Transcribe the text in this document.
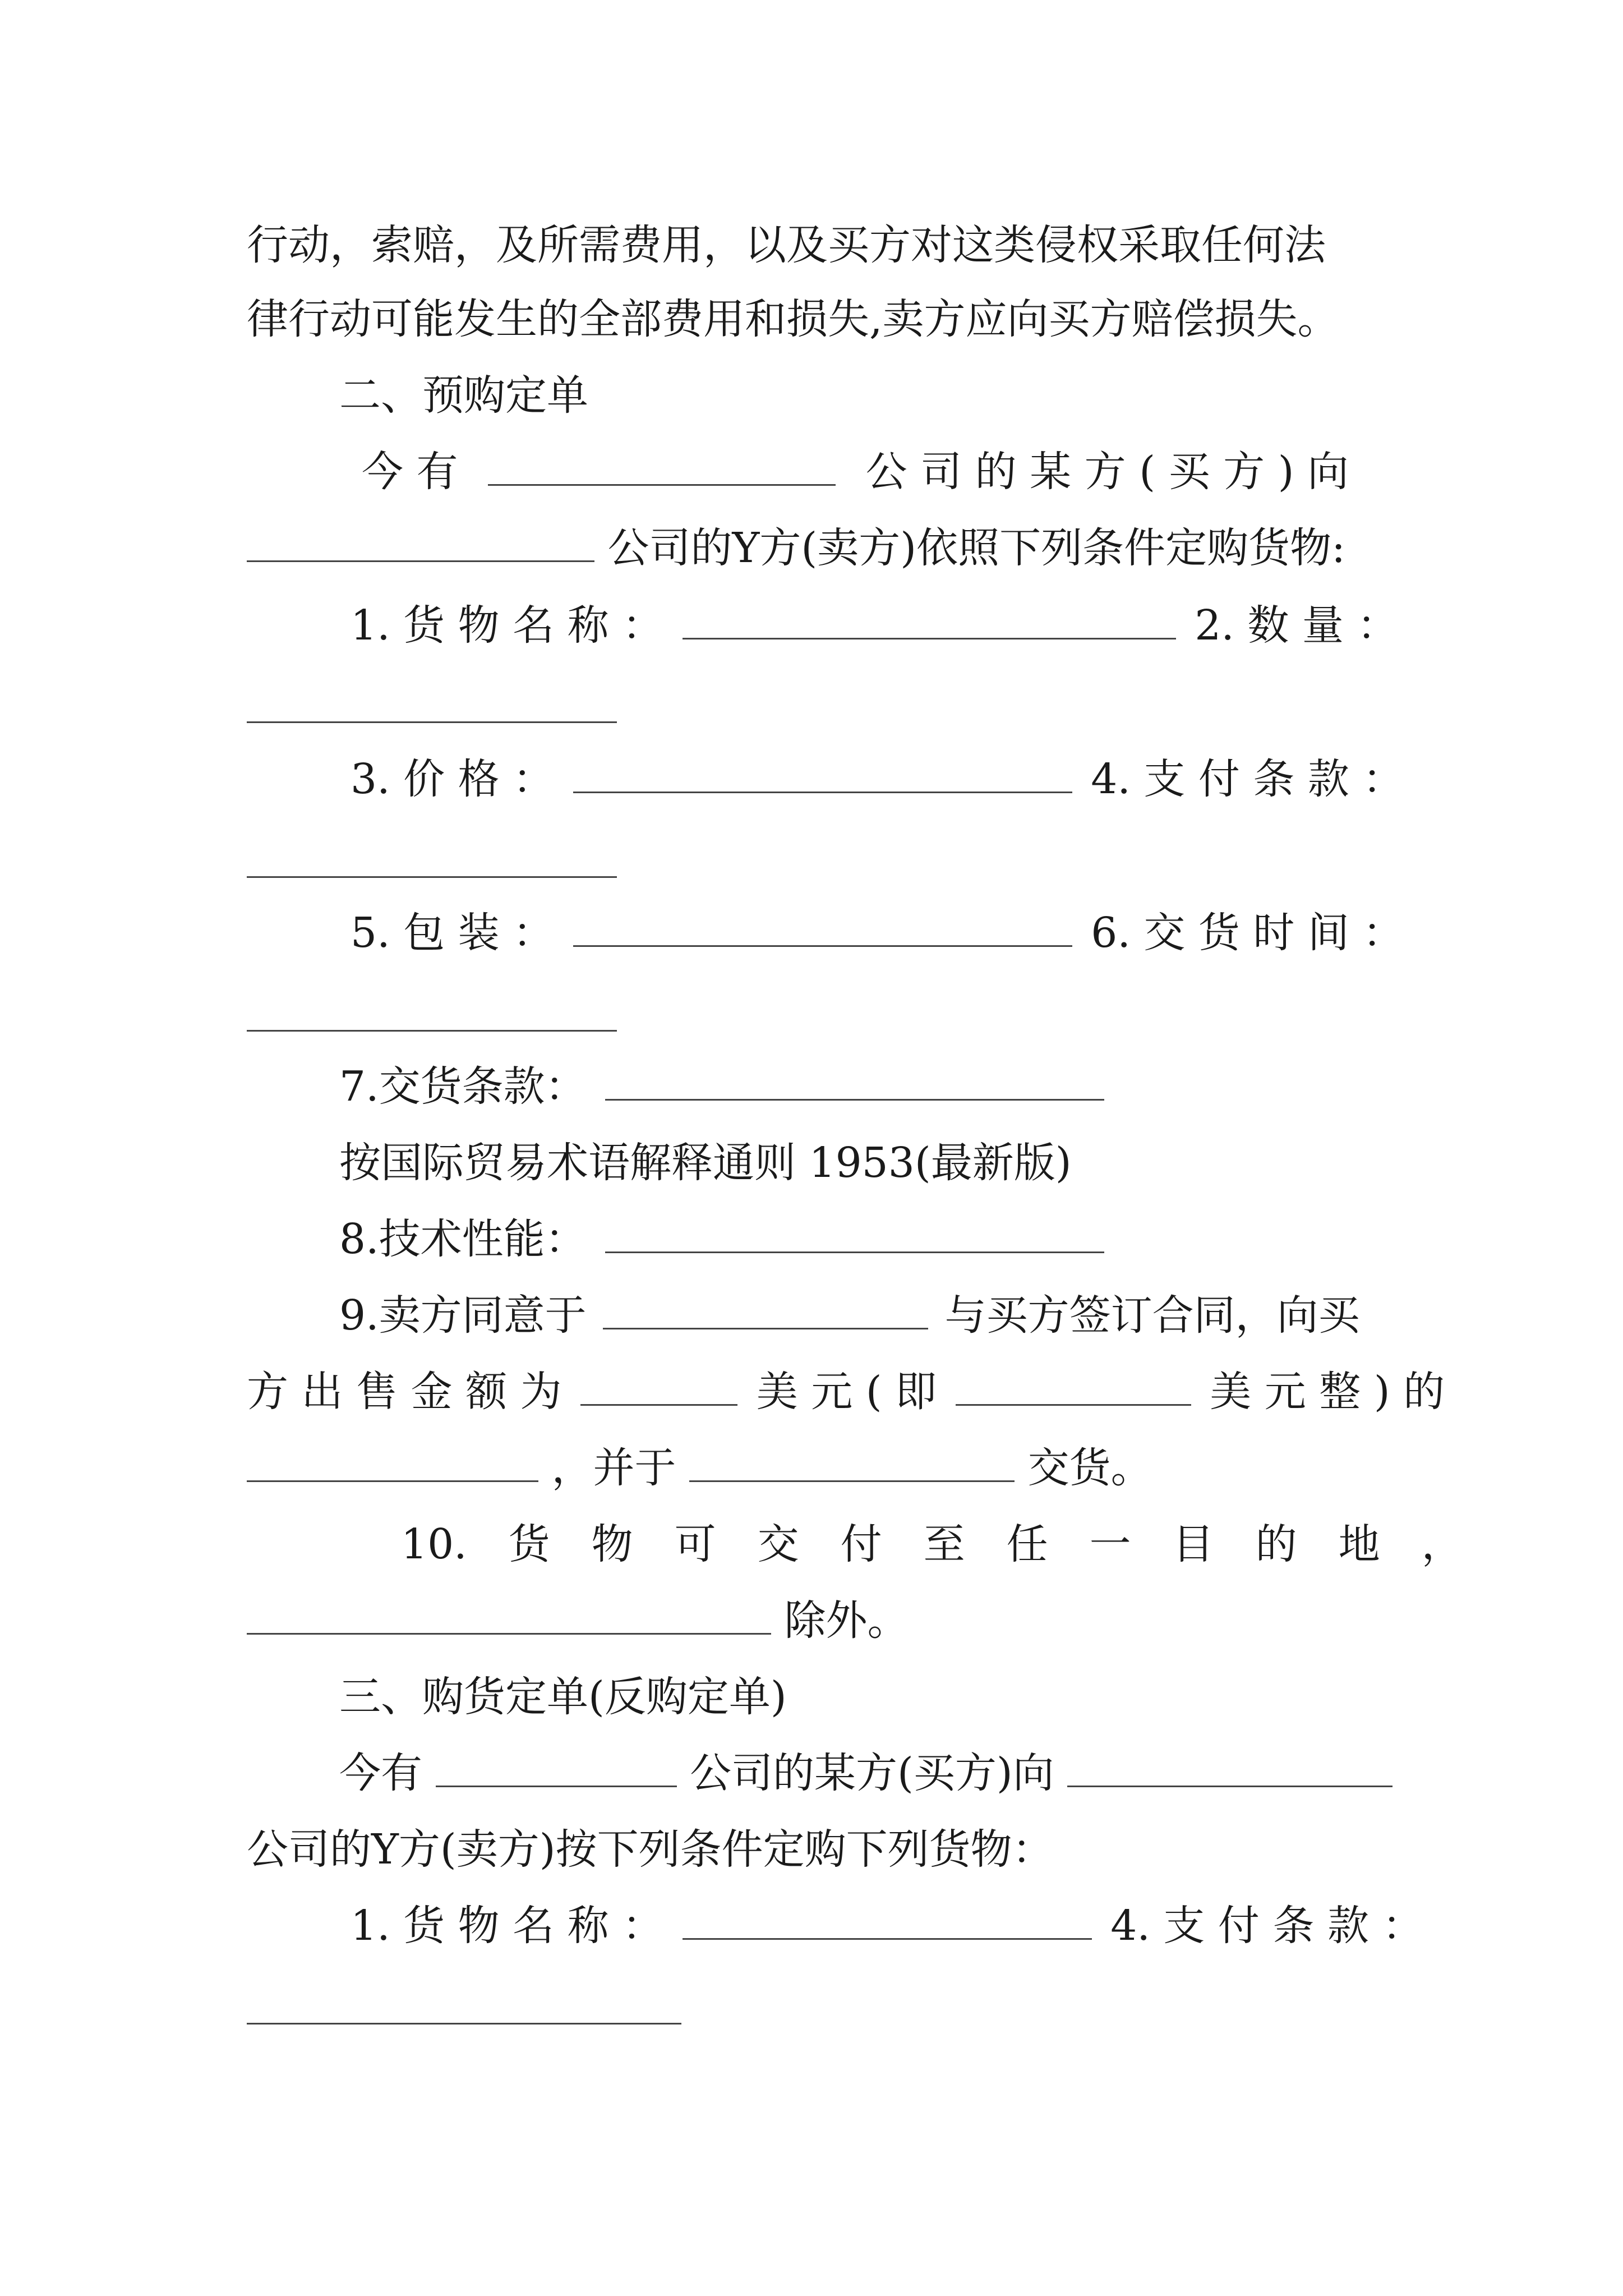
行动，索赔，及所需费用，以及买方对这类侵权采取任何法
律行动可能发生的全部费用和损失,卖方应向买方赔偿损失。
二、预购定单
今 有	公 司 的 某 方 ( 买 方 ) 向
公司的Y方(卖方)依照下列条件定购货物:
1. 货 物 名 称 ：	2. 数 量 ：
3. 价 格 ：	4. 支 付 条 款 ：
5. 包 装 ：	6. 交 货 时 间 ：
7.交货条款：
按国际贸易术语解释通则 1953(最新版)
8.技术性能：
9.卖方同意于	与买方签订合同，向买
方 出 售 金 额 为	美 元 ( 即	美 元 整 ) 的
，并于	交货。
10.　货　物　可　交　付　至　任　一　目　的　地　，
除外。
三、购货定单(反购定单)
今有	公司的某方(买方)向
公司的Y方(卖方)按下列条件定购下列货物：
1. 货 物 名 称 ：	4. 支 付 条 款 ：
